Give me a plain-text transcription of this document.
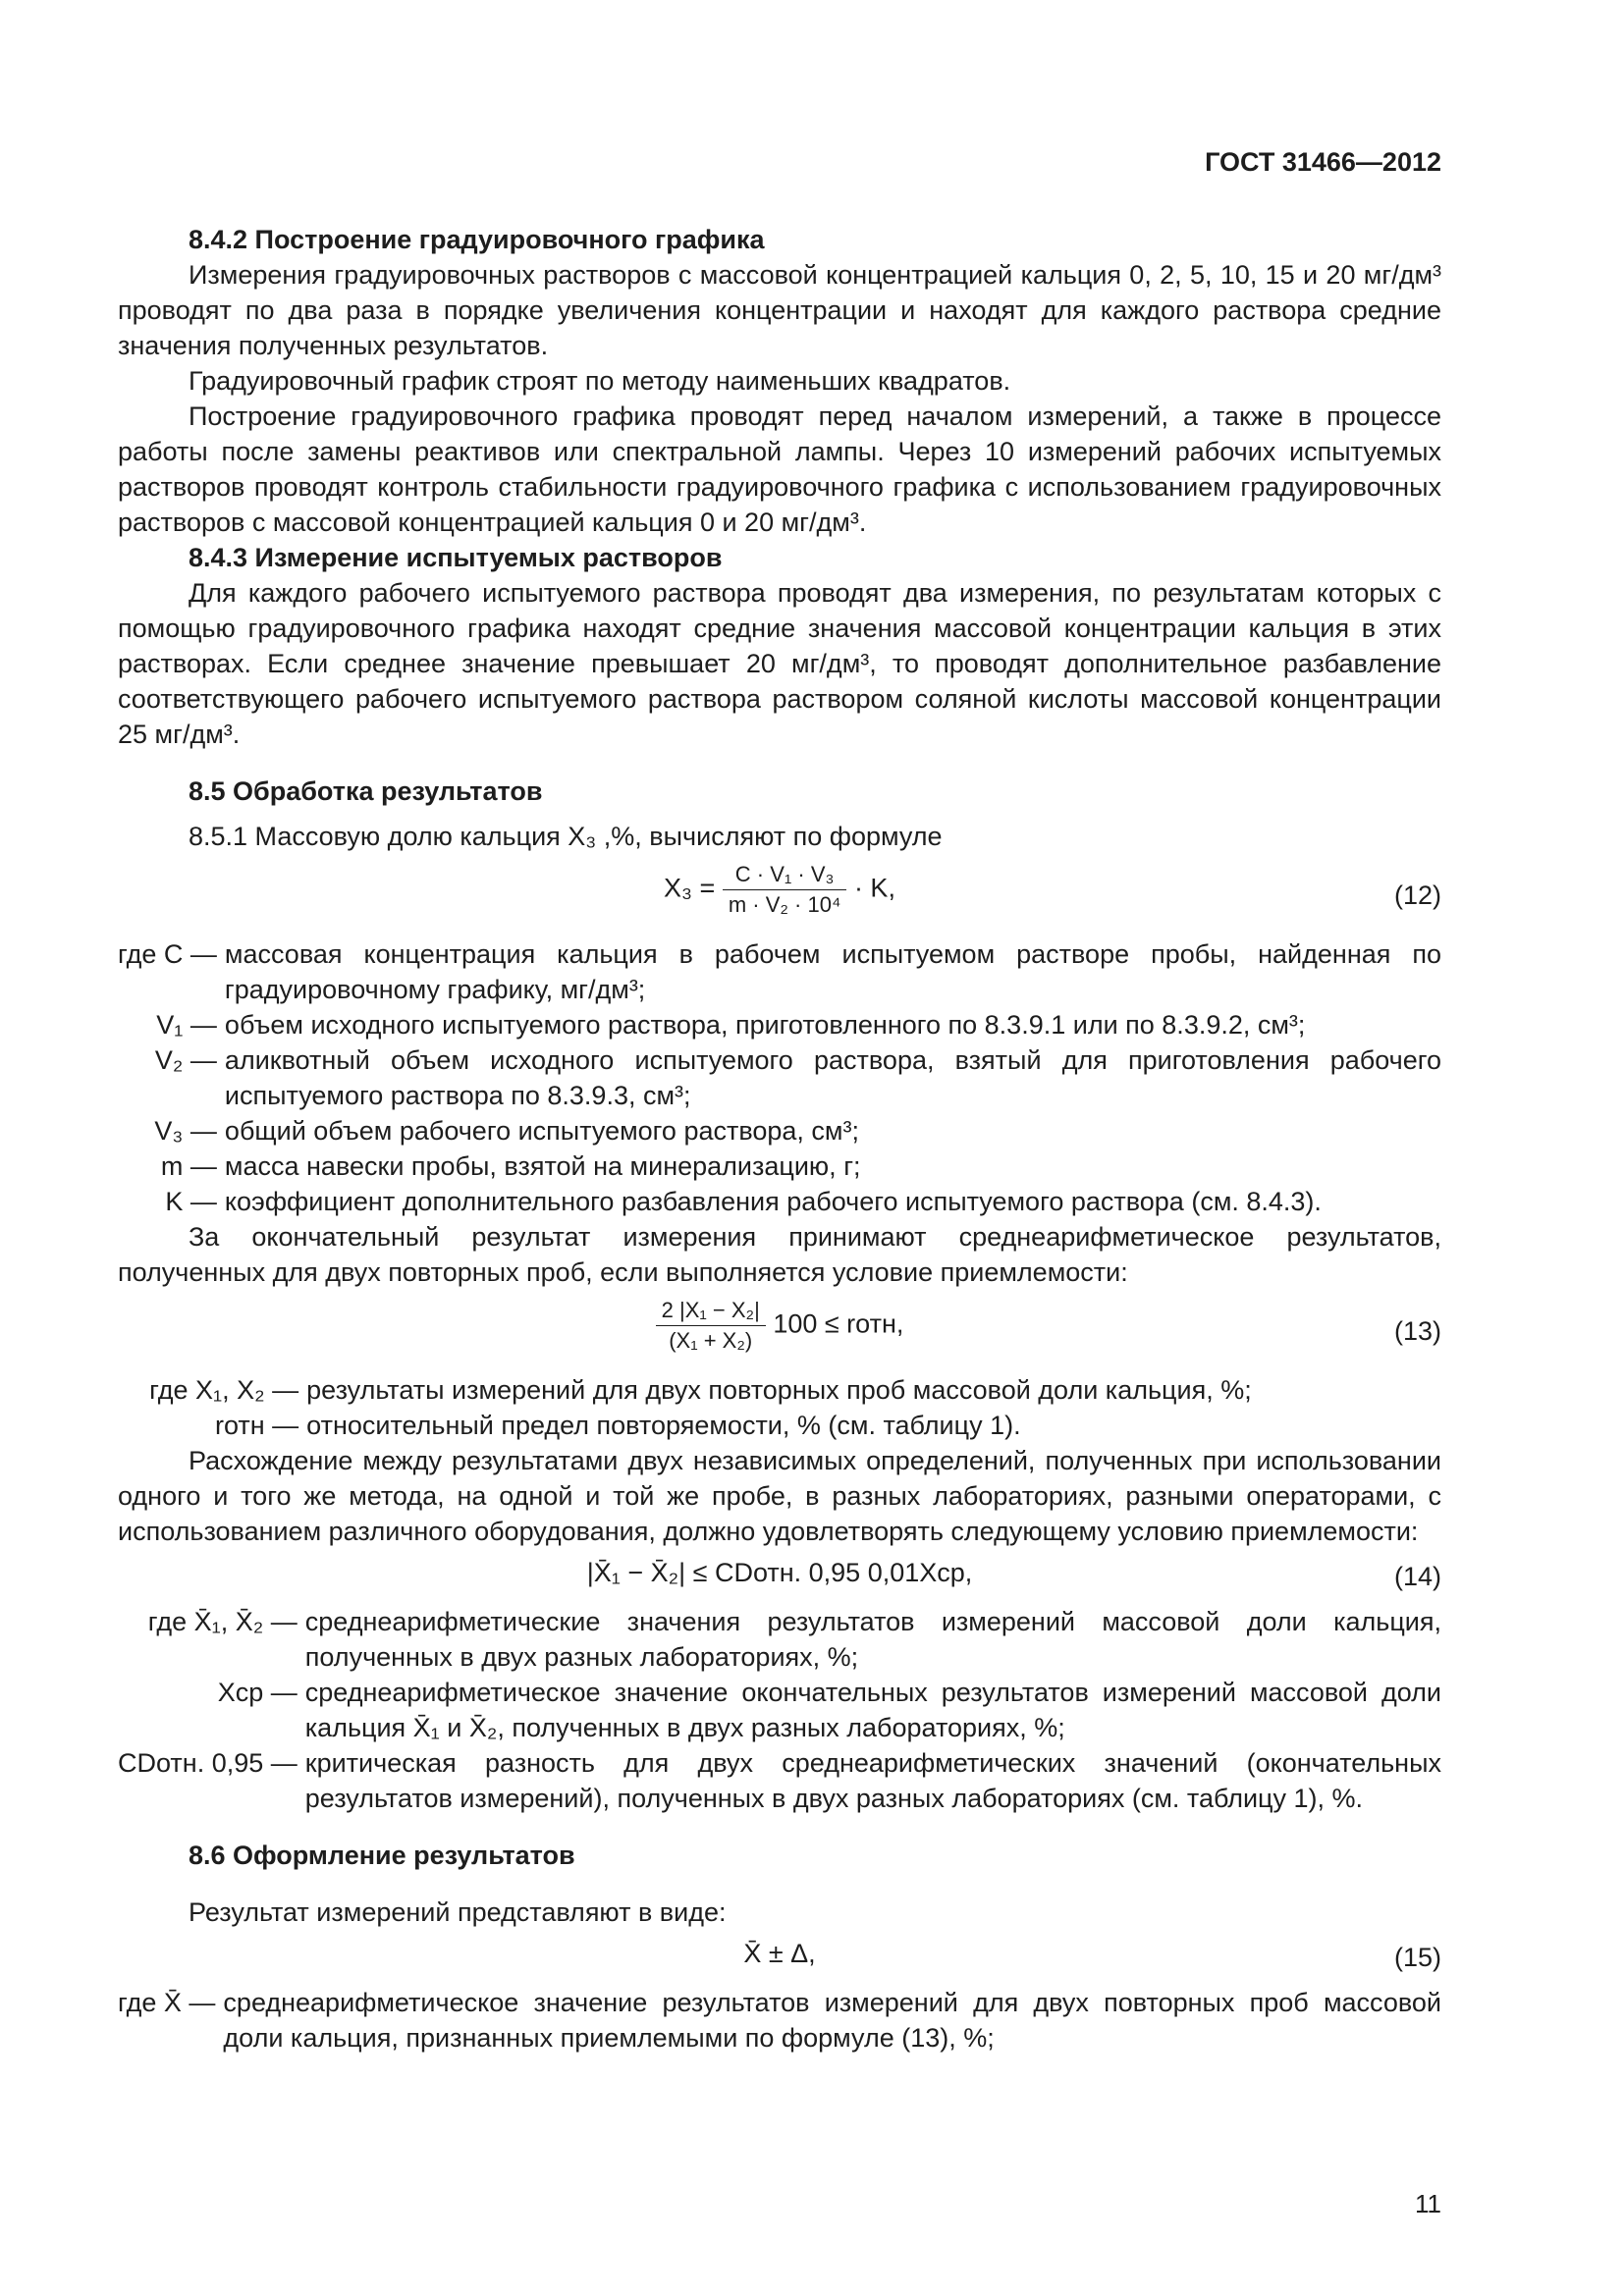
ГОСТ 31466—2012

8.4.2 Построение градуировочного графика

Измерения градуировочных растворов с массовой концентрацией кальция 0, 2, 5, 10, 15 и 20 мг/дм³ проводят по два раза в порядке увеличения концентрации и находят для каждого раствора средние значения полученных результатов.

Градуировочный график строят по методу наименьших квадратов.

Построение градуировочного графика проводят перед началом измерений, а также в процессе работы после замены реактивов или спектральной лампы. Через 10 измерений рабочих испытуемых растворов проводят контроль стабильности градуировочного графика с использованием градуировочных растворов с массовой концентрацией кальция 0 и 20 мг/дм³.

8.4.3 Измерение испытуемых растворов

Для каждого рабочего испытуемого раствора проводят два измерения, по результатам которых с помощью градуировочного графика находят средние значения массовой концентрации кальция в этих растворах. Если среднее значение превышает 20 мг/дм³, то проводят дополнительное разбавление соответствующего рабочего испытуемого раствора раствором соляной кислоты массовой концентрации 25 мг/дм³.

8.5 Обработка результатов

8.5.1 Массовую долю кальция X₃ ,%, вычисляют по формуле

$X_3 = \frac{\text{C · V₁ · V₃}}{\text{m · V₂ · 10⁴}} \cdot K$,	(12)
где C —	массовая концентрация кальция в рабочем испытуемом растворе пробы, найденная по градуировочному графику, мг/дм³;
V₁ —	объем исходного испытуемого раствора, приготовленного по 8.3.9.1 или по 8.3.9.2, см³;
V₂ —	аликвотный объем исходного испытуемого раствора, взятый для приготовления рабочего испытуемого раствора по 8.3.9.3, см³;
V₃ —	общий объем рабочего испытуемого раствора, см³;
m —	масса навески пробы, взятой на минерализацию, г;
K —	коэффициент дополнительного разбавления рабочего испытуемого раствора (см. 8.4.3).

За окончательный результат измерения принимают среднеарифметическое результатов, полученных для двух повторных проб, если выполняется условие приемлемости:

$\frac{\text{2 |X₁ − X₂|}}{\text{(X₁ + X₂)}} 100$ ≤ rотн,	(13)
где X₁, X₂ —	результаты измерений для двух повторных проб массовой доли кальция, %;
rотн —	относительный предел повторяемости, % (см. таблицу 1).

Расхождение между результатами двух независимых определений, полученных при использовании одного и того же метода, на одной и той же пробе, в разных лабораториях, разными операторами, с использованием различного оборудования, должно удовлетворять следующему условию приемлемости:

|X̄₁ − X̄₂| ≤ CDотн. 0,95 0,01Xср,	(14)
где X̄₁, X̄₂ —	среднеарифметические значения результатов измерений массовой доли кальция, полученных в двух разных лабораториях, %;
Xср —	среднеарифметическое значение окончательных результатов измерений массовой доли кальция X̄₁ и X̄₂, полученных в двух разных лабораториях, %;
CDотн. 0,95 —	критическая разность для двух среднеарифметических значений (окончательных результатов измерений), полученных в двух разных лабораториях (см. таблицу 1), %.

8.6 Оформление результатов

Результат измерений представляют в виде:

X̄ ± Δ,	(15)
где X̄ —	среднеарифметическое значение результатов измерений для двух повторных проб массовой доли кальция, признанных приемлемыми по формуле (13), %;
11
